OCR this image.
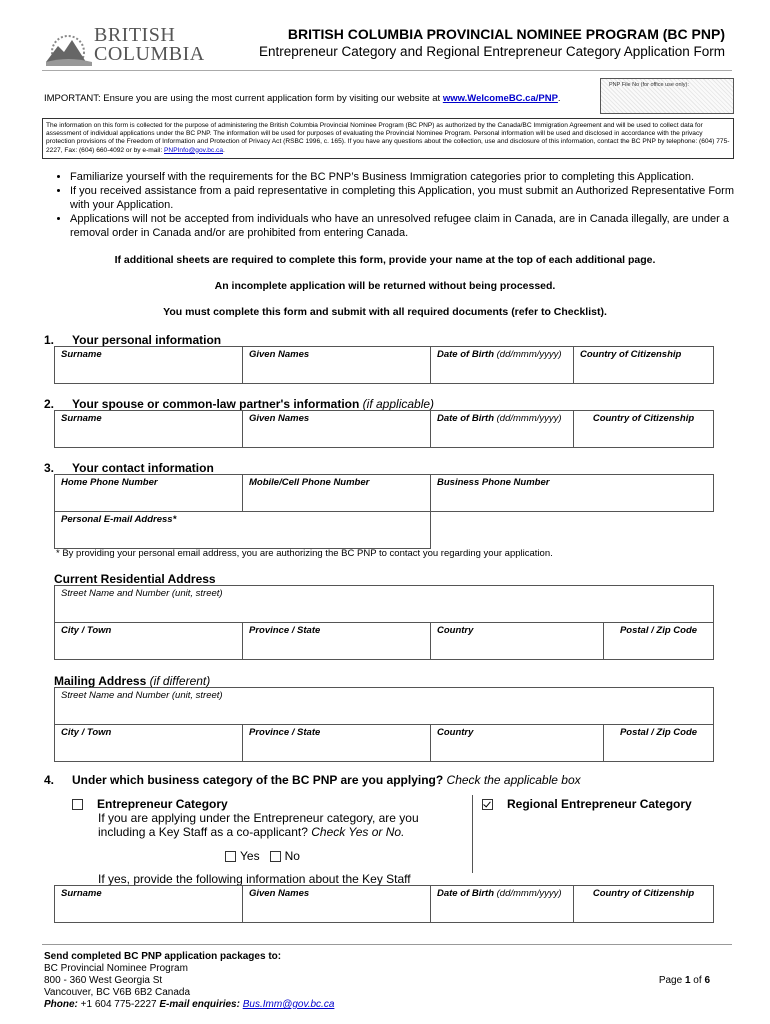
BRITISH
COLUMBIA
BRITISH COLUMBIA PROVINCIAL NOMINEE PROGRAM (BC PNP)
Entrepreneur Category and Regional Entrepreneur Category Application Form
PNP File No (for office use only):
IMPORTANT: Ensure you are using the most current application form by visiting our website at www.WelcomeBC.ca/PNP.
The information on this form is collected for the purpose of administering the British Columbia Provincial Nominee Program (BC PNP) as authorized by the Canada/BC Immigration Agreement and will be used to collect data for assessment of individual applications under the BC PNP. The information will be used for purposes of evaluating the Provincial Nominee Program. Personal information will be used and disclosed in accordance with the privacy protection provisions of the Freedom of Information and Protection of Privacy Act (RSBC 1996, c. 165). If you have any questions about the collection, use and disclosure of this information, contact the BC PNP by telephone: (604) 775-2227, Fax: (604) 660-4092 or by e-mail: PNPInfo@gov.bc.ca.
• Familiarize yourself with the requirements for the BC PNP’s Business Immigration categories prior to completing this Application.
• If you received assistance from a paid representative in completing this Application, you must submit an Authorized Representative Form with your Application.
• Applications will not be accepted from individuals who have an unresolved refugee claim in Canada, are in Canada illegally, are under a removal order in Canada and/or are prohibited from entering Canada.
If additional sheets are required to complete this form, provide your name at the top of each additional page.
An incomplete application will be returned without being processed.
You must complete this form and submit with all required documents (refer to Checklist).
1. Your personal information
Surname	Given Names	Date of Birth (dd/mmm/yyyy)	Country of Citizenship
2. Your spouse or common-law partner's information (if applicable)
Surname	Given Names	Date of Birth (dd/mmm/yyyy)	Country of Citizenship
3. Your contact information
Home Phone Number	Mobile/Cell Phone Number	Business Phone Number
Personal E-mail Address*		
* By providing your personal email address, you are authorizing the BC PNP to contact you regarding your application.
Current Residential Address
Street Name and Number (unit, street)
City / Town	Province / State	Country	Postal / Zip Code
Mailing Address (if different)
Street Name and Number (unit, street)
City / Town	Province / State	Country	Postal / Zip Code
4. Under which business category of the BC PNP are you applying? Check the applicable box
Entrepreneur Category
If you are applying under the Entrepreneur category, are you
including a Key Staff as a co-applicant? Check Yes or No.
Regional Entrepreneur Category
Yes No
If yes, provide the following information about the Key Staff
Surname	Given Names	Date of Birth (dd/mmm/yyyy)	Country of Citizenship
Send completed BC PNP application packages to:
BC Provincial Nominee Program
800 - 360 West Georgia St
Vancouver, BC V6B 6B2 Canada
Phone: +1 604 775-2227 E-mail enquiries: Bus.Imm@gov.bc.ca
Page 1 of 6
